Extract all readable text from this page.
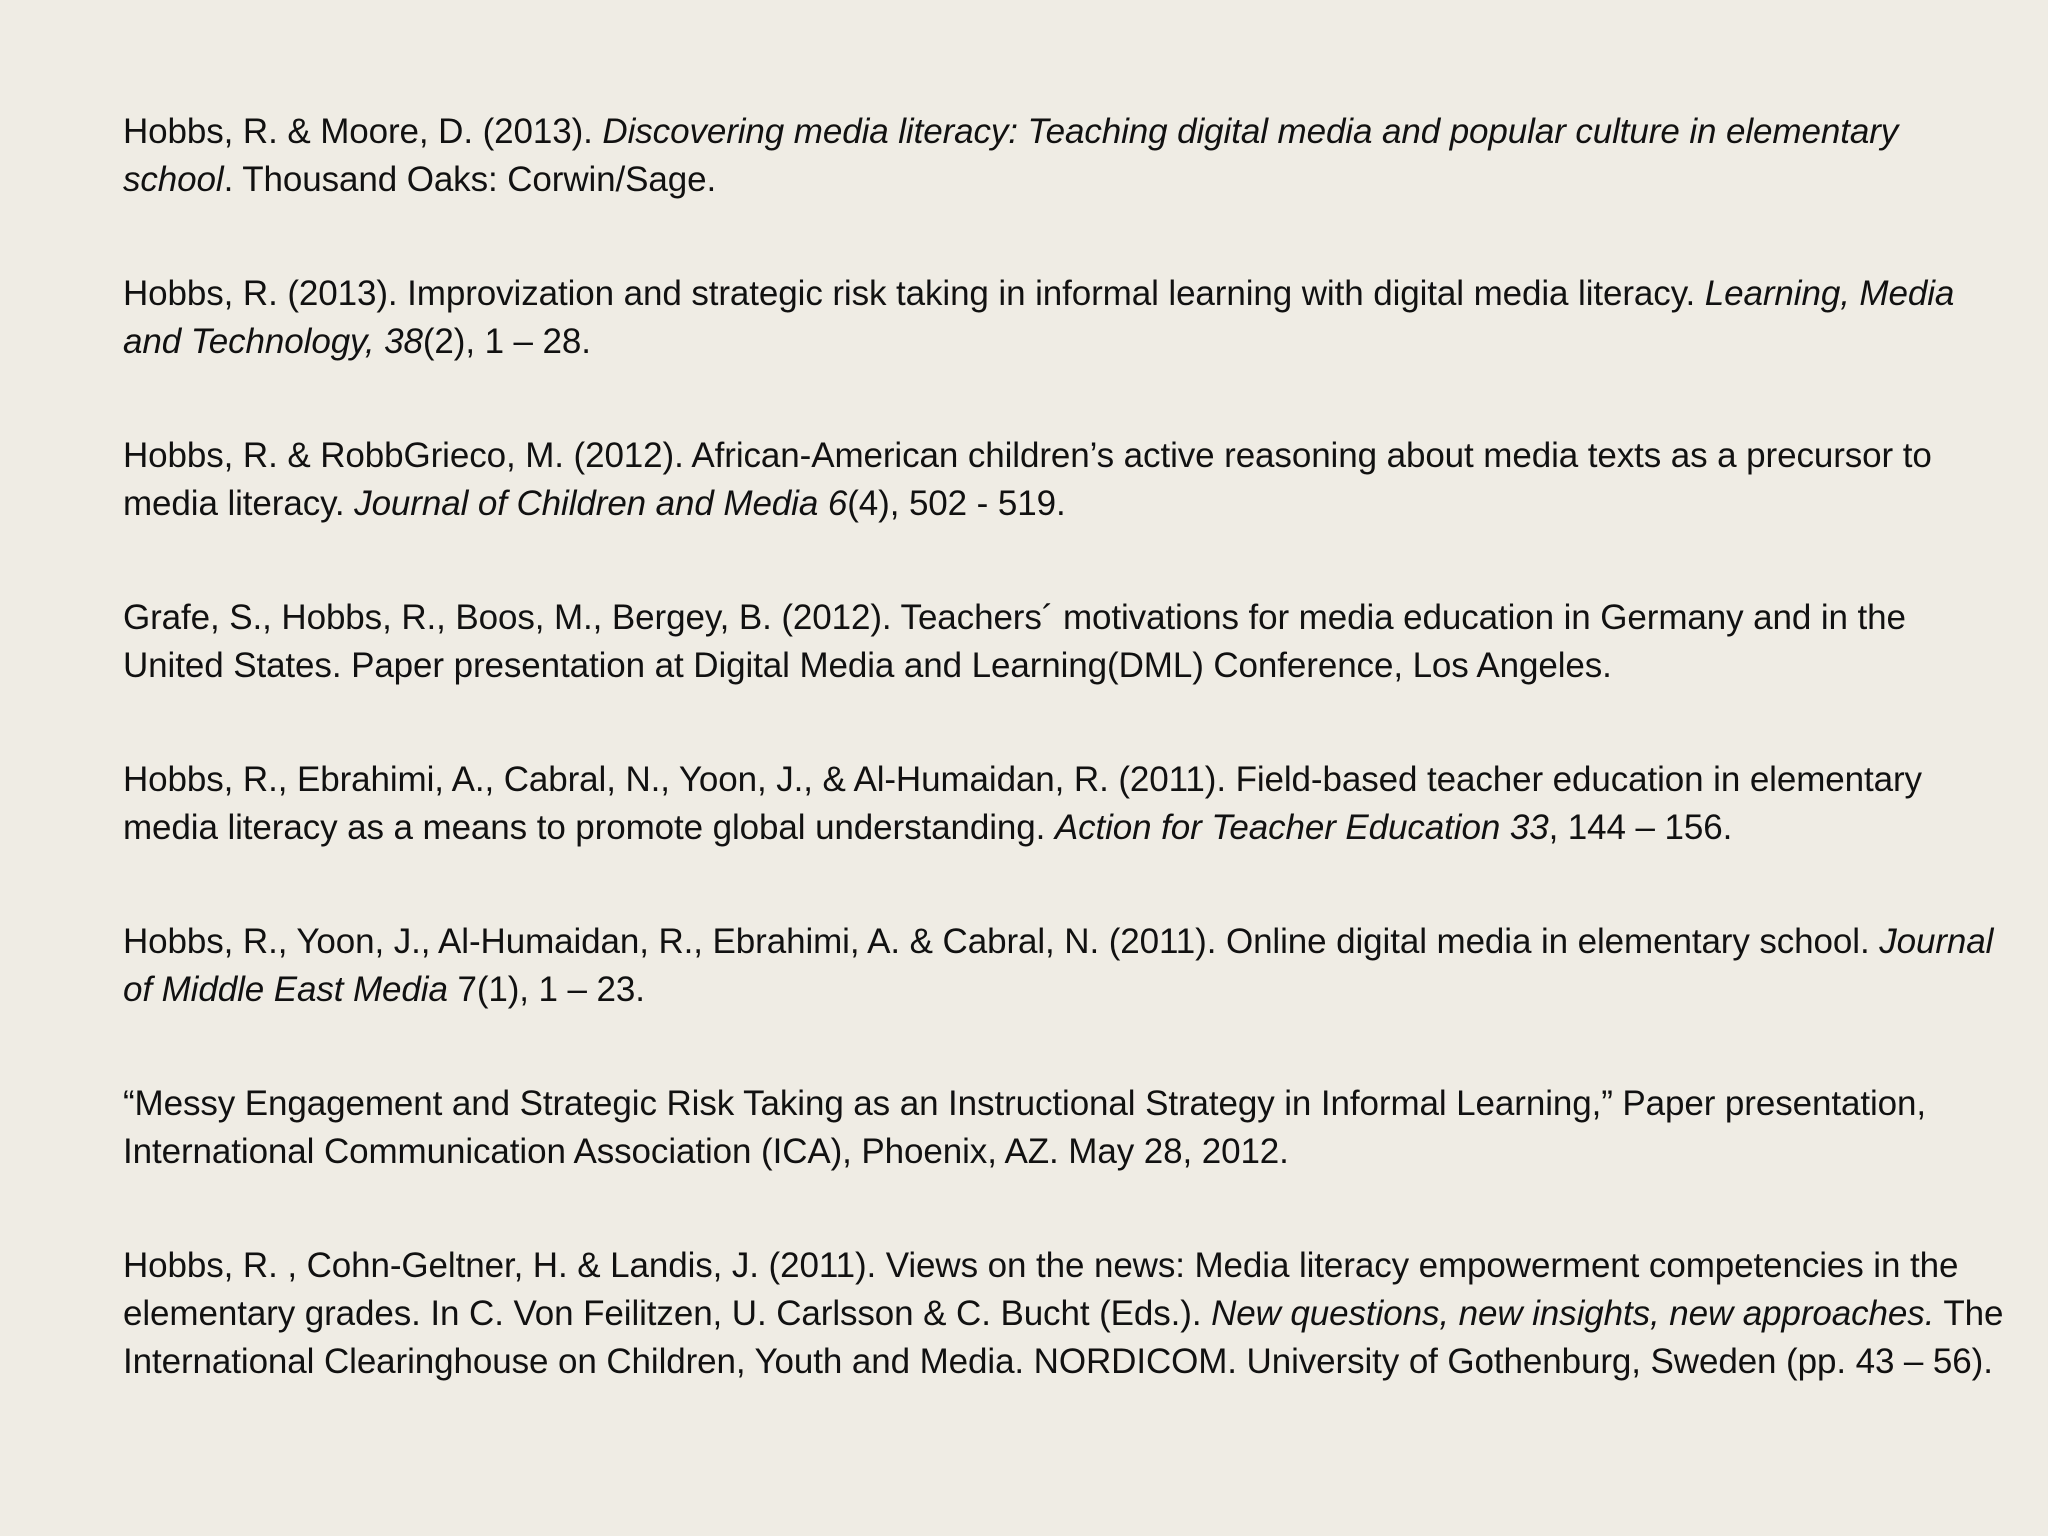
Hobbs, R. & Moore, D. (2013). Discovering media literacy: Teaching digital media and popular culture in elementary school. Thousand Oaks: Corwin/Sage.

Hobbs, R. (2013). Improvization and strategic risk taking in informal learning with digital media literacy. Learning, Media and Technology, 38(2), 1 – 28.

Hobbs, R. & RobbGrieco, M. (2012). African-American children’s active reasoning about media texts as a precursor to media literacy. Journal of Children and Media 6(4), 502 - 519.

Grafe, S., Hobbs, R., Boos, M., Bergey, B. (2012). Teachers´ motivations for media education in Germany and in the United States. Paper presentation at Digital Media and Learning(DML) Conference, Los Angeles.

Hobbs, R., Ebrahimi, A., Cabral, N., Yoon, J., & Al-Humaidan, R. (2011). Field-based teacher education in elementary media literacy as a means to promote global understanding. Action for Teacher Education 33, 144 – 156.

Hobbs, R., Yoon, J., Al-Humaidan, R., Ebrahimi, A. & Cabral, N. (2011). Online digital media in elementary school. Journal of Middle East Media 7(1), 1 – 23.

“Messy Engagement and Strategic Risk Taking as an Instructional Strategy in Informal Learning,” Paper presentation, International Communication Association (ICA), Phoenix, AZ. May 28, 2012.

Hobbs, R. , Cohn-Geltner, H. & Landis, J. (2011). Views on the news: Media literacy empowerment competencies in the elementary grades. In C. Von Feilitzen, U. Carlsson & C. Bucht (Eds.). New questions, new insights, new approaches. The International Clearinghouse on Children, Youth and Media. NORDICOM. University of Gothenburg, Sweden (pp. 43 – 56).
